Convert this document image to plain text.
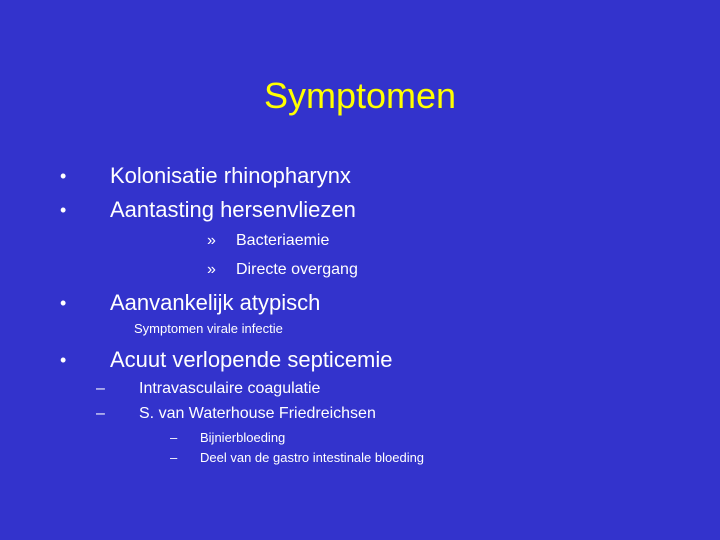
Symptomen
• Kolonisatie rhinopharynx
• Aantasting hersenvliezen
» Bacteriaemie
» Directe overgang
• Aanvankelijk atypisch
Symptomen virale infectie
• Acuut verlopende septicemie
– Intravasculaire coagulatie
– S. van Waterhouse Friedreichsen
– Bijnierbloeding
– Deel van de gastro intestinale bloeding
